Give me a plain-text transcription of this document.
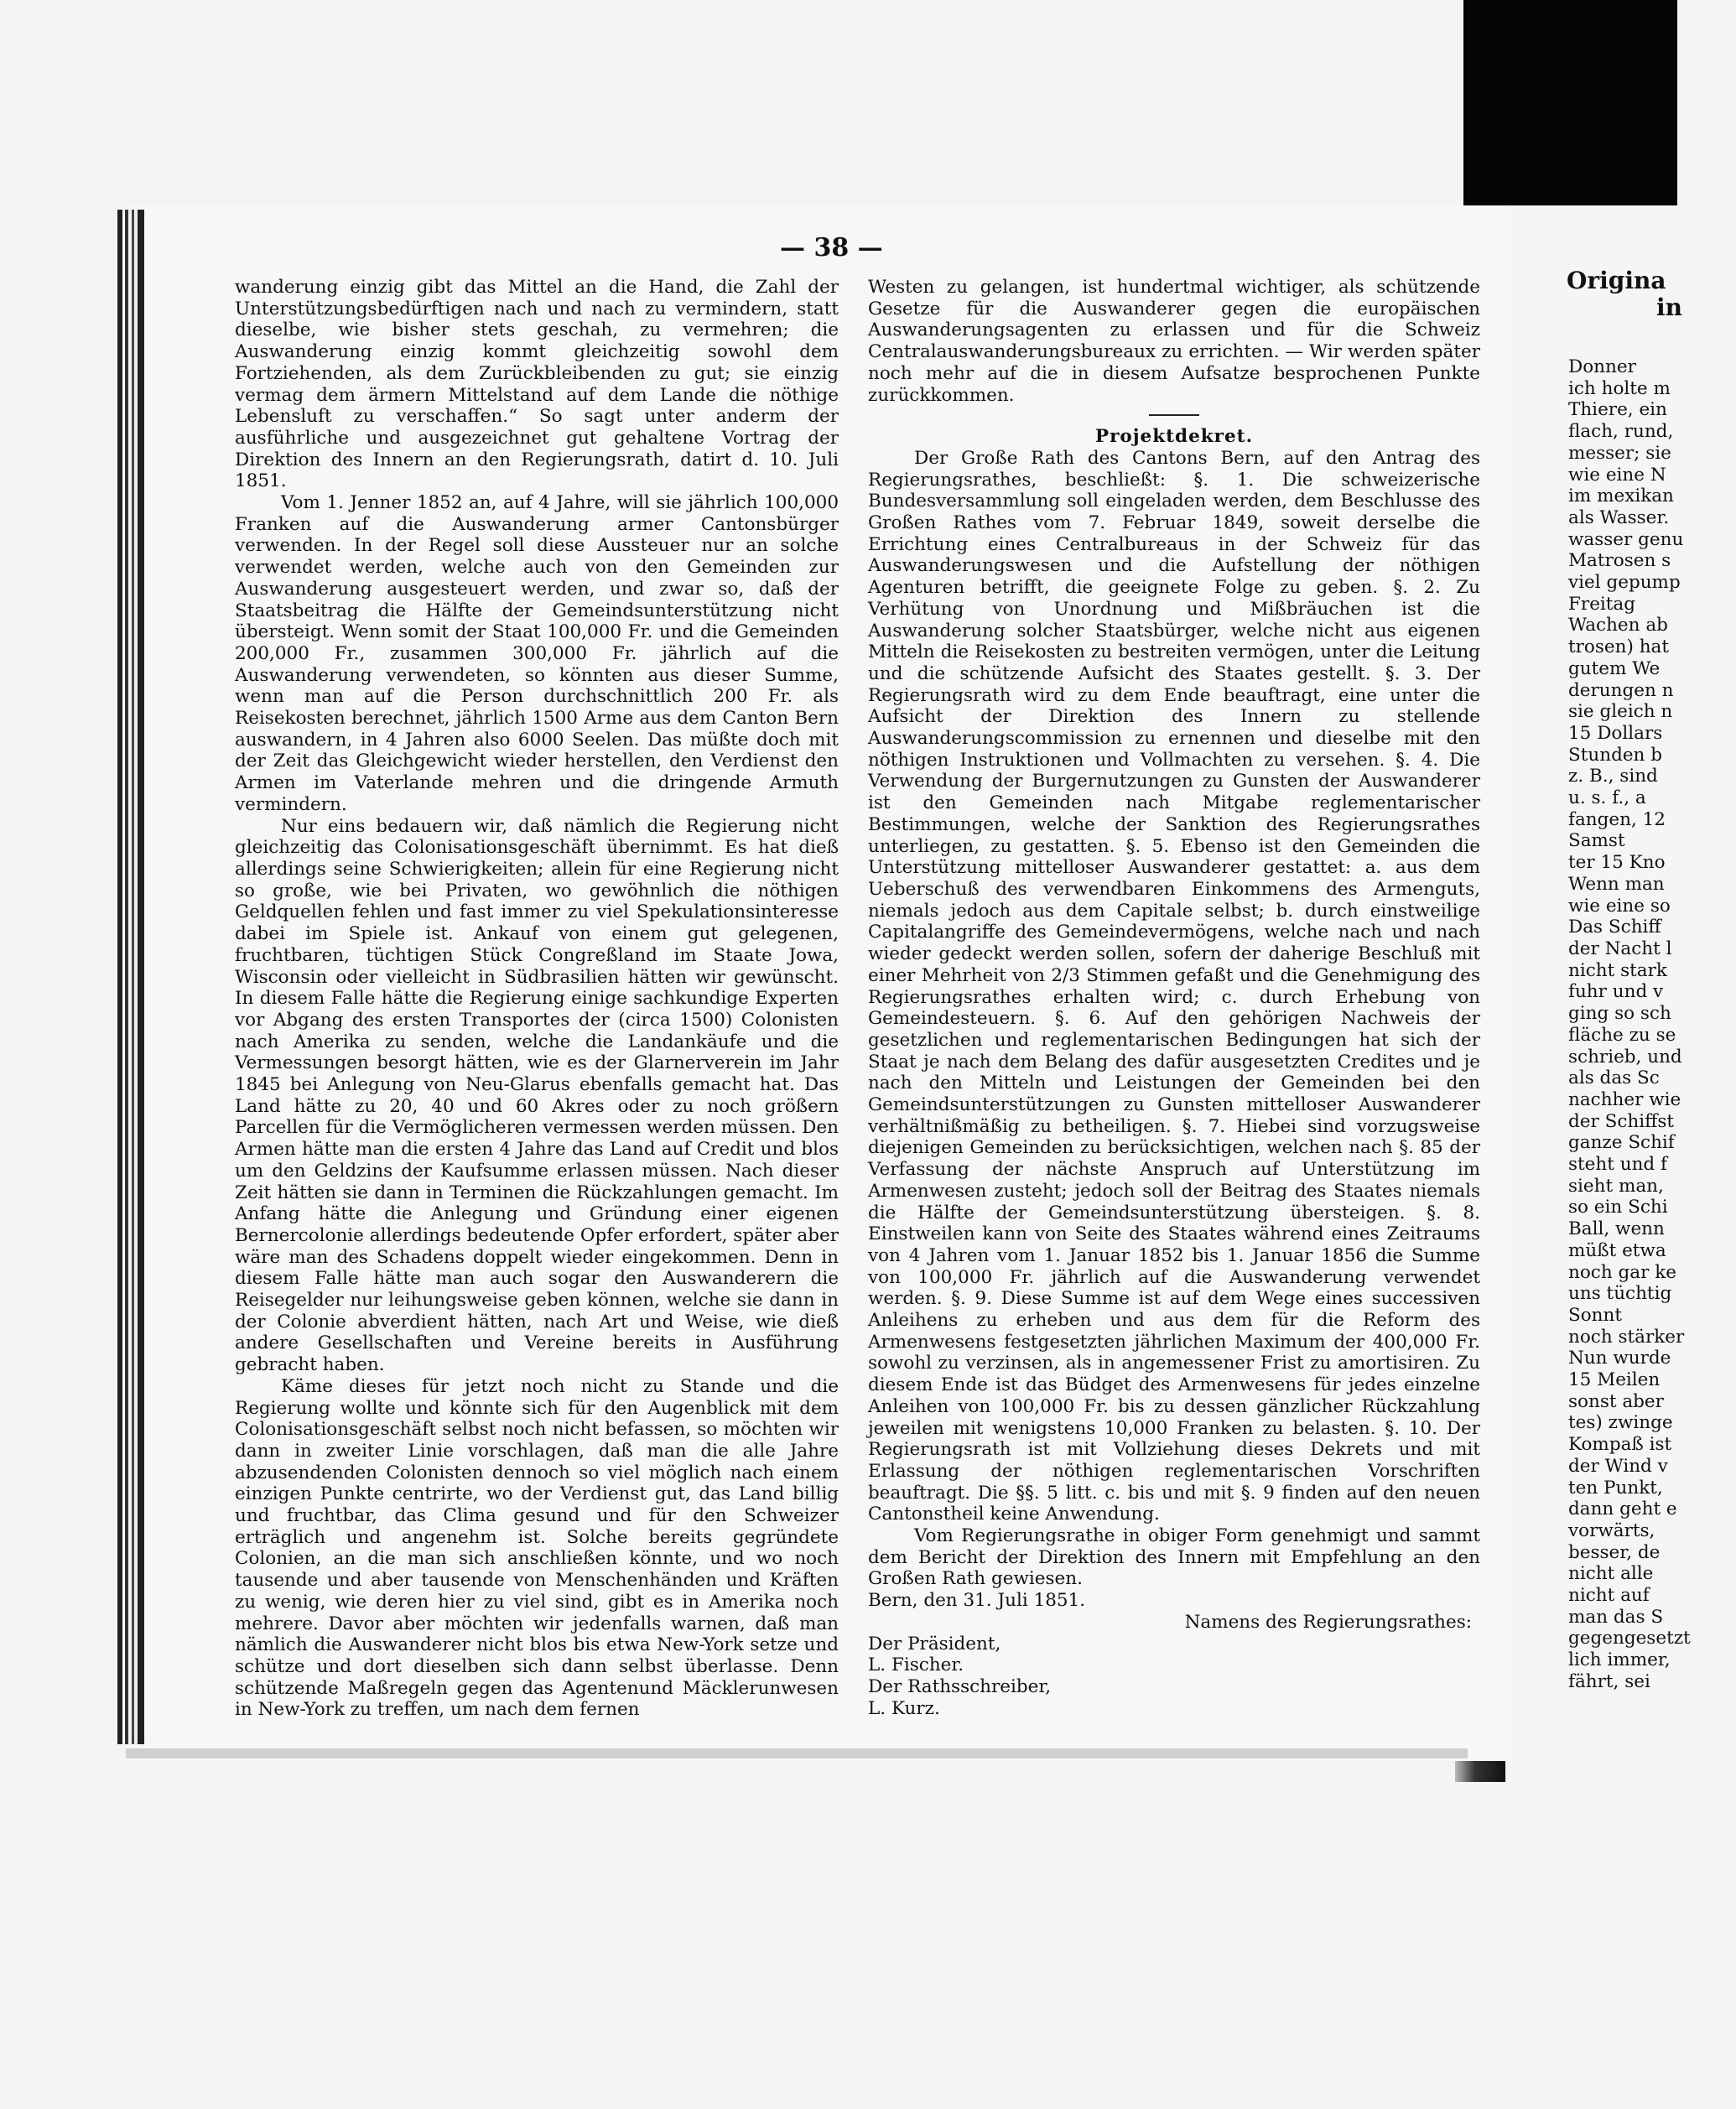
— 38 —

wanderung einzig gibt das Mittel an die Hand, die Zahl der Unterstützungsbedürftigen nach und nach zu vermindern, statt dieselbe, wie bisher stets geschah, zu vermehren; die Auswanderung einzig kommt gleichzeitig sowohl dem Fortziehenden, als dem Zurückbleibenden zu gut; sie einzig vermag dem ärmern Mittelstand auf dem Lande die nöthige Lebensluft zu verschaffen.“ So sagt unter anderm der ausführliche und ausgezeichnet gut gehaltene Vortrag der Direktion des Innern an den Regierungsrath, datirt d. 10. Juli 1851.

Vom 1. Jenner 1852 an, auf 4 Jahre, will sie jährlich 100,000 Franken auf die Auswanderung armer Cantonsbürger verwenden. In der Regel soll diese Aussteuer nur an solche verwendet werden, welche auch von den Gemeinden zur Auswanderung ausgesteuert werden, und zwar so, daß der Staatsbeitrag die Hälfte der Gemeindsunterstützung nicht übersteigt. Wenn somit der Staat 100,000 Fr. und die Gemeinden 200,000 Fr., zusammen 300,000 Fr. jährlich auf die Auswanderung verwendeten, so könnten aus dieser Summe, wenn man auf die Person durchschnittlich 200 Fr. als Reisekosten berechnet, jährlich 1500 Arme aus dem Canton Bern auswandern, in 4 Jahren also 6000 Seelen. Das müßte doch mit der Zeit das Gleichgewicht wieder herstellen, den Verdienst den Armen im Vaterlande mehren und die dringende Armuth vermindern.

Nur eins bedauern wir, daß nämlich die Regierung nicht gleichzeitig das Colonisationsgeschäft übernimmt. Es hat dieß allerdings seine Schwierigkeiten; allein für eine Regierung nicht so große, wie bei Privaten, wo gewöhnlich die nöthigen Geldquellen fehlen und fast immer zu viel Spekulationsinteresse dabei im Spiele ist. Ankauf von einem gut gelegenen, fruchtbaren, tüchtigen Stück Congreßland im Staate Jowa, Wisconsin oder vielleicht in Südbrasilien hätten wir gewünscht. In diesem Falle hätte die Regierung einige sachkundige Experten vor Abgang des ersten Transportes der (circa 1500) Colonisten nach Amerika zu senden, welche die Landankäufe und die Vermessungen besorgt hätten, wie es der Glarnerverein im Jahr 1845 bei Anlegung von Neu-Glarus ebenfalls gemacht hat. Das Land hätte zu 20, 40 und 60 Akres oder zu noch größern Parcellen für die Vermöglicheren vermessen werden müssen. Den Armen hätte man die ersten 4 Jahre das Land auf Credit und blos um den Geldzins der Kaufsumme erlassen müssen. Nach dieser Zeit hätten sie dann in Terminen die Rückzahlungen gemacht. Im Anfang hätte die Anlegung und Gründung einer eigenen Bernercolonie allerdings bedeutende Opfer erfordert, später aber wäre man des Schadens doppelt wieder eingekommen. Denn in diesem Falle hätte man auch sogar den Auswanderern die Reisegelder nur leihungsweise geben können, welche sie dann in der Colonie abverdient hätten, nach Art und Weise, wie dieß andere Gesellschaften und Vereine bereits in Ausführung gebracht haben.

Käme dieses für jetzt noch nicht zu Stande und die Regierung wollte und könnte sich für den Augenblick mit dem Colonisationsgeschäft selbst noch nicht befassen, so möchten wir dann in zweiter Linie vorschlagen, daß man die alle Jahre abzusendenden Colonisten dennoch so viel möglich nach einem einzigen Punkte centrirte, wo der Verdienst gut, das Land billig und fruchtbar, das Clima gesund und für den Schweizer erträglich und angenehm ist. Solche bereits gegründete Colonien, an die man sich anschließen könnte, und wo noch tausende und aber tausende von Menschenhänden und Kräften zu wenig, wie deren hier zu viel sind, gibt es in Amerika noch mehrere. Davor aber möchten wir jedenfalls warnen, daß man nämlich die Auswanderer nicht blos bis etwa New-York setze und schütze und dort dieselben sich dann selbst überlasse. Denn schützende Maßregeln gegen das Agentenund Mäcklerunwesen in New-York zu treffen, um nach dem fernen

Westen zu gelangen, ist hundertmal wichtiger, als schützende Gesetze für die Auswanderer gegen die europäischen Auswanderungsagenten zu erlassen und für die Schweiz Centralauswanderungsbureaux zu errichten. — Wir werden später noch mehr auf die in diesem Aufsatze besprochenen Punkte zurückkommen.

Projektdekret.

Der Große Rath des Cantons Bern, auf den Antrag des Regierungsrathes, beschließt: §. 1. Die schweizerische Bundesversammlung soll eingeladen werden, dem Beschlusse des Großen Rathes vom 7. Februar 1849, soweit derselbe die Errichtung eines Centralbureaus in der Schweiz für das Auswanderungswesen und die Aufstellung der nöthigen Agenturen betrifft, die geeignete Folge zu geben. §. 2. Zu Verhütung von Unordnung und Mißbräuchen ist die Auswanderung solcher Staatsbürger, welche nicht aus eigenen Mitteln die Reisekosten zu bestreiten vermögen, unter die Leitung und die schützende Aufsicht des Staates gestellt. §. 3. Der Regierungsrath wird zu dem Ende beauftragt, eine unter die Aufsicht der Direktion des Innern zu stellende Auswanderungscommission zu ernennen und dieselbe mit den nöthigen Instruktionen und Vollmachten zu versehen. §. 4. Die Verwendung der Burgernutzungen zu Gunsten der Auswanderer ist den Gemeinden nach Mitgabe reglementarischer Bestimmungen, welche der Sanktion des Regierungsrathes unterliegen, zu gestatten. §. 5. Ebenso ist den Gemeinden die Unterstützung mittelloser Auswanderer gestattet: a. aus dem Ueberschuß des verwendbaren Einkommens des Armenguts, niemals jedoch aus dem Capitale selbst; b. durch einstweilige Capitalangriffe des Gemeindevermögens, welche nach und nach wieder gedeckt werden sollen, sofern der daherige Beschluß mit einer Mehrheit von 2/3 Stimmen gefaßt und die Genehmigung des Regierungsrathes erhalten wird; c. durch Erhebung von Gemeindesteuern. §. 6. Auf den gehörigen Nachweis der gesetzlichen und reglementarischen Bedingungen hat sich der Staat je nach dem Belang des dafür ausgesetzten Credites und je nach den Mitteln und Leistungen der Gemeinden bei den Gemeindsunterstützungen zu Gunsten mittelloser Auswanderer verhältnißmäßig zu betheiligen. §. 7. Hiebei sind vorzugsweise diejenigen Gemeinden zu berücksichtigen, welchen nach §. 85 der Verfassung der nächste Anspruch auf Unterstützung im Armenwesen zusteht; jedoch soll der Beitrag des Staates niemals die Hälfte der Gemeindsunterstützung übersteigen. §. 8. Einstweilen kann von Seite des Staates während eines Zeitraums von 4 Jahren vom 1. Januar 1852 bis 1. Januar 1856 die Summe von 100,000 Fr. jährlich auf die Auswanderung verwendet werden. §. 9. Diese Summe ist auf dem Wege eines successiven Anleihens zu erheben und aus dem für die Reform des Armenwesens festgesetzten jährlichen Maximum der 400,000 Fr. sowohl zu verzinsen, als in angemessener Frist zu amortisiren. Zu diesem Ende ist das Büdget des Armenwesens für jedes einzelne Anleihen von 100,000 Fr. bis zu dessen gänzlicher Rückzahlung jeweilen mit wenigstens 10,000 Franken zu belasten. §. 10. Der Regierungsrath ist mit Vollziehung dieses Dekrets und mit Erlassung der nöthigen reglementarischen Vorschriften beauftragt. Die §§. 5 litt. c. bis und mit §. 9 finden auf den neuen Cantonstheil keine Anwendung.

Vom Regierungsrathe in obiger Form genehmigt und sammt dem Bericht der Direktion des Innern mit Empfehlung an den Großen Rath gewiesen.

Bern, den 31. Juli 1851.

Namens des Regierungsrathes:

Der Präsident,

L. Fischer.

Der Rathsschreiber,

L. Kurz.

Origina
in

Donner

ich holte m

Thiere, ein

flach, rund,

messer; sie

wie eine N

im mexikan

als Wasser.

wasser genu

Matrosen s

viel gepump

Freitag

Wachen ab

trosen) hat

gutem We

derungen n

sie gleich n

15 Dollars

Stunden b

z. B., sind

u. s. f., a

fangen, 12

Samst

ter 15 Kno

Wenn man

wie eine so

Das Schiff

der Nacht l

nicht stark

fuhr und v

ging so sch

fläche zu se

schrieb, und

als das Sc

nachher wie

der Schiffst

ganze Schif

steht und f

sieht man,

so ein Schi

Ball, wenn

müßt etwa

noch gar ke

uns tüchtig

Sonnt

noch stärker

Nun wurde

15 Meilen

sonst aber

tes) zwinge

Kompaß ist

der Wind v

ten Punkt,

dann geht e

vorwärts,

besser, de

nicht alle

nicht auf

man das S

gegengesetzt

lich immer,

fährt, sei
